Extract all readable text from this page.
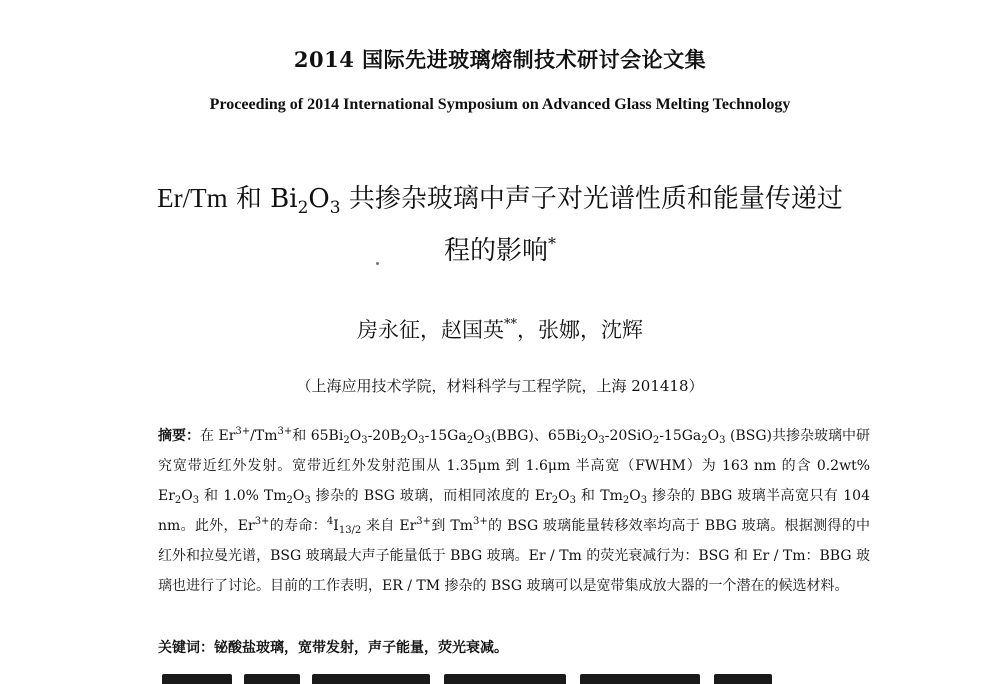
2014 国际先进玻璃熔制技术研讨会论文集
Proceeding of 2014 International Symposium on Advanced Glass Melting Technology
Er/Tm 和 $Bi_2O_3$ 共掺杂玻璃中声子对光谱性质和能量传递过
程的影响*
房永征，赵国英**，张娜，沈辉
（上海应用技术学院，材料科学与工程学院，上海 201418）

摘要：在 $Er^{3+}/Tm^{3+}$和 $65Bi_2O_3-20B_2O_3-15Ga_2O_3(BBG)$、$65Bi_2O_3-20SiO_2-15Ga_2O_3$ (BSG)共掺杂玻璃中研究宽带近红外发射。宽带近红外发射范围从 1.35μm 到 1.6μm 半高宽（FWHM）为 163 nm 的含 0.2wt% $Er_2O_3$ 和 1.0% $Tm_2O_3$ 掺杂的 BSG 玻璃，而相同浓度的 $Er_2O_3$ 和 $Tm_2O_3$ 掺杂的 BBG 玻璃半高宽只有 104 nm。此外，$Er^{3+}$的寿命：$^4I_{13/2}$ 来自 $Er^{3+}$到 $Tm^{3+}$的 BSG 玻璃能量转移效率均高于 BBG 玻璃。根据测得的中红外和拉曼光谱，BSG 玻璃最大声子能量低于 BBG 玻璃。Er / Tm 的荧光衰减行为：BSG 和 Er / Tm：BBG 玻璃也进行了讨论。目前的工作表明，ER / TM 掺杂的 BSG 玻璃可以是宽带集成放大器的一个潜在的候选材料。

关键词：铋酸盐玻璃，宽带发射，声子能量，荧光衰减。
